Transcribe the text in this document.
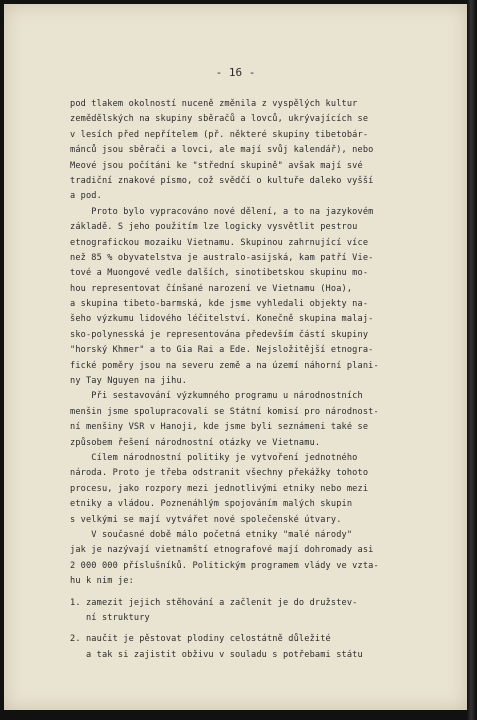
- 16 -
pod tlakem okolností nuceně změnila z vyspělých kultur
zemědělských na skupiny sběračů a lovců, ukrývajících se
v lesích před nepřítelem (př. některé skupiny tibetobár-
mánců jsou sběrači a lovci, ale mají svůj kalendář), nebo
Meové jsou počítáni ke "střední skupině" avšak mají své
tradiční znakové písmo, což svědčí o kultuře daleko vyšší
a pod.
Proto bylo vypracováno nové dělení, a to na jazykovém
základě. S jeho použitím lze logicky vysvětlit pestrou
etnografickou mozaiku Vietnamu. Skupinou zahrnující více
než 85 % obyvatelstva je australo-asijská, kam patří Vie-
tové a Muongové vedle dalších, sinotibetskou skupinu mo-
hou representovat čínšané narození ve Vietnamu (Hoa),
a skupina tibeto-barmská, kde jsme vyhledali objekty na-
šeho výzkumu lidového léčitelství. Konečně skupina malaj-
sko-polynesská je representována především částí skupiny
"horský Khmer" a to Gia Rai a Ede. Nejsložitější etnogra-
fické poměry jsou na severu země a na území náhorní plani-
ny Tay Nguyen na jihu.
Při sestavování výzkumného programu u národnostních
menšin jsme spolupracovali se Státní komisí pro národnost-
ní menšiny VSR v Hanoji, kde jsme byli seznámeni také se
způsobem řešení národnostní otázky ve Vietnamu.
Cílem národnostní politiky je vytvoření jednotného
národa. Proto je třeba odstranit všechny překážky tohoto
procesu, jako rozpory mezi jednotlivými etniky nebo mezi
etniky a vládou. Poznenáhlým spojováním malých skupin
s velkými se mají vytvářet nové společenské útvary.
V současné době málo početná etniky "malé národy"
jak je nazývají vietnamští etnografové mají dohromady asi
2 000 000 příslušníků. Politickým programem vlády ve vzta-
hu k nim je:
1. zamezit jejich stěhování a začlenit je do družstev-
ní struktury
2. naučit je pěstovat plodiny celostátně důležité
a tak si zajistit obživu v souladu s potřebami státu
